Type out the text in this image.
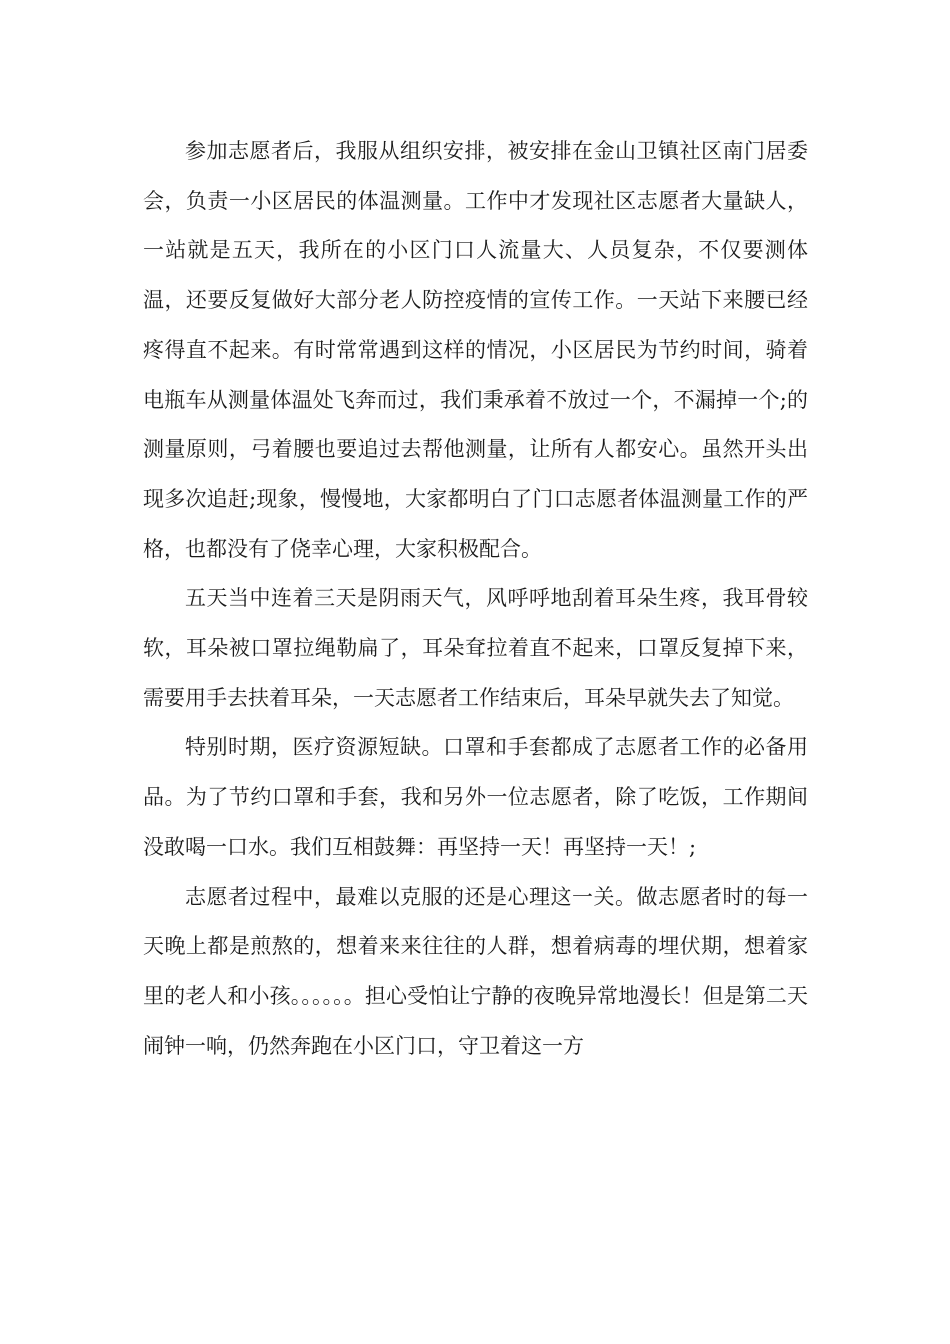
参加志愿者后，我服从组织安排，被安排在金山卫镇社区南门居委会，负责一小区居民的体温测量。工作中才发现社区志愿者大量缺人，一站就是五天，我所在的小区门口人流量大、人员复杂，不仅要测体温，还要反复做好大部分老人防控疫情的宣传工作。一天站下来腰已经疼得直不起来。有时常常遇到这样的情况，小区居民为节约时间，骑着电瓶车从测量体温处飞奔而过，我们秉承着不放过一个，不漏掉一个;的测量原则，弓着腰也要追过去帮他测量，让所有人都安心。虽然开头出现多次追赶;现象，慢慢地，大家都明白了门口志愿者体温测量工作的严格，也都没有了侥幸心理，大家积极配合。

五天当中连着三天是阴雨天气，风呼呼地刮着耳朵生疼，我耳骨较软，耳朵被口罩拉绳勒扁了，耳朵耷拉着直不起来，口罩反复掉下来，需要用手去扶着耳朵，一天志愿者工作结束后，耳朵早就失去了知觉。

特别时期，医疗资源短缺。口罩和手套都成了志愿者工作的必备用品。为了节约口罩和手套，我和另外一位志愿者，除了吃饭，工作期间没敢喝一口水。我们互相鼓舞：再坚持一天！再坚持一天！;

志愿者过程中，最难以克服的还是心理这一关。做志愿者时的每一天晚上都是煎熬的，想着来来往往的人群，想着病毒的埋伏期，想着家里的老人和小孩。。。。。。担心受怕让宁静的夜晚异常地漫长！但是第二天闹钟一响，仍然奔跑在小区门口，守卫着这一方
